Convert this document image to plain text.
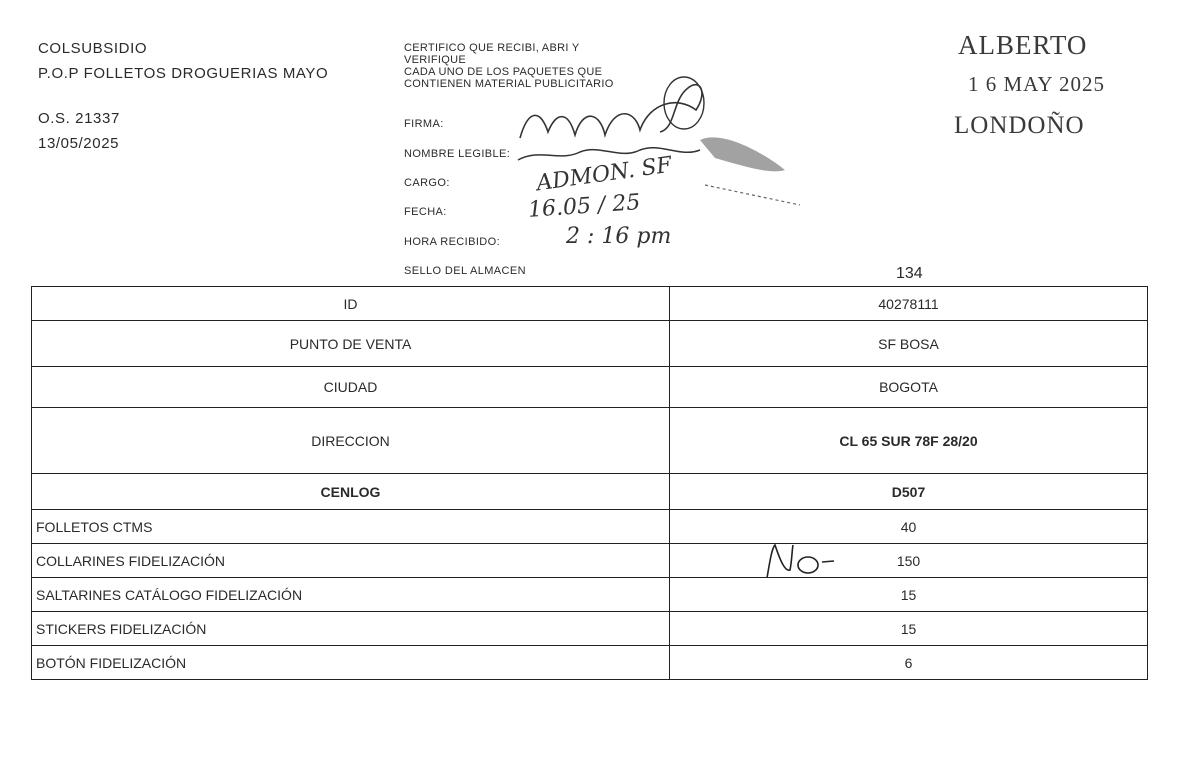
COLSUBSIDIO
P.O.P FOLLETOS DROGUERIAS MAYO
O.S. 21337
13/05/2025
CERTIFICO QUE RECIBI, ABRI Y
VERIFIQUE
CADA UNO DE LOS PAQUETES QUE
CONTIENEN MATERIAL PUBLICITARIO
FIRMA:
NOMBRE LEGIBLE:
CARGO:
FECHA:
HORA RECIBIDO:
SELLO DEL ALMACEN
ALBERTO
1 6 MAY 2025
LONDOÑO
134
ADMON. SF
16.05 / 25
2 : 16 pm
ID	40278111
PUNTO DE VENTA	SF BOSA
CIUDAD	BOGOTA
DIRECCION	CL 65 SUR 78F 28/20
CENLOG	D507
FOLLETOS CTMS	40
COLLARINES FIDELIZACIÓN	150
SALTARINES CATÁLOGO FIDELIZACIÓN	15
STICKERS FIDELIZACIÓN	15
BOTÓN FIDELIZACIÓN	6
